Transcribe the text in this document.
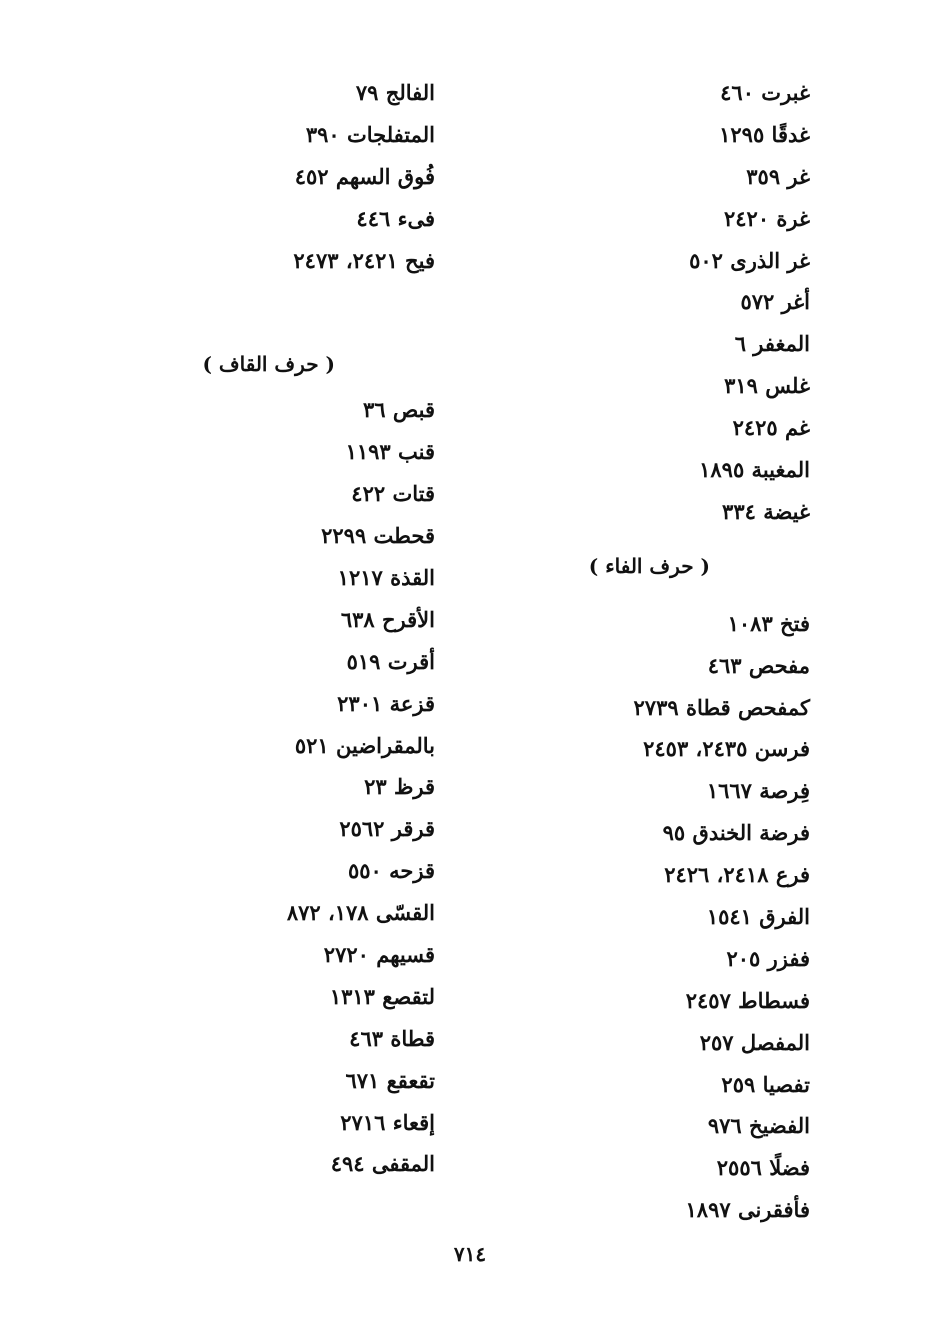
غبرت ٤٦٠
غدقًا ١٢٩٥
غر ٣٥٩
غرة ٢٤٢٠
غر الذرى ٥٠٢
أغر ٥٧٢
المغفر ٦
غلس ٣١٩
غم ٢٤٢٥
المغيبة ١٨٩٥
غيضة ٣٣٤
( حرف الفاء )
فتخ ١٠٨٣
مفحص ٤٦٣
كمفحص قطاة ٢٧٣٩
فرسن ٢٤٣٥، ٢٤٥٣
فِرصة ١٦٦٧
فرضة الخندق ٩٥
فرع ٢٤١٨، ٢٤٢٦
الفرق ١٥٤١
ففزر ٢٠٥
فسطاط ٢٤٥٧
المفصل ٢٥٧
تفصيا ٢٥٩
الفضيخ ٩٧٦
فضلًا ٢٥٥٦
فأفقرنى ١٨٩٧
الفالج ٧٩
المتفلجات ٣٩٠
فُوق السهم ٤٥٢
فىء ٤٤٦
فيح ٢٤٢١، ٢٤٧٣
( حرف القاف )
قبص ٣٦
قنب ١١٩٣
قتات ٤٢٢
قحطت ٢٢٩٩
القذة ١٢١٧
الأقرح ٦٣٨
أقرت ٥١٩
قزعة ٢٣٠١
بالمقراضين ٥٢١
قرظ ٢٣
قرقر ٢٥٦٢
قزحه ٥٥٠
القسّى ١٧٨، ٨٧٢
قسيهم ٢٧٢٠
لتقصع ١٣١٣
قطاة ٤٦٣
تقعقع ٦٧١
إقعاء ٢٧١٦
المقفى ٤٩٤
٧١٤
